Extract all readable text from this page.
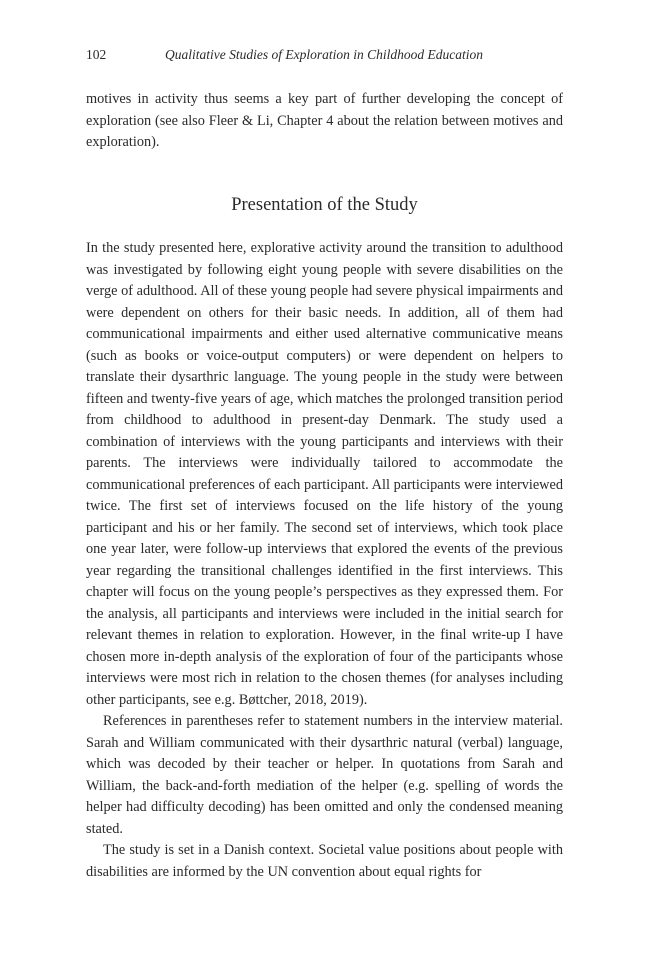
102	Qualitative Studies of Exploration in Childhood Education

motives in activity thus seems a key part of further developing the concept of exploration (see also Fleer & Li, Chapter 4 about the relation between motives and exploration).

Presentation of the Study

In the study presented here, explorative activity around the transition to adulthood was investigated by following eight young people with severe disabilities on the verge of adulthood. All of these young people had severe physical impairments and were dependent on others for their basic needs. In addition, all of them had communicational impairments and either used alternative communicative means (such as books or voice-output computers) or were dependent on helpers to translate their dysarthric language. The young people in the study were between fifteen and twenty-five years of age, which matches the prolonged transition period from childhood to adulthood in present-day Denmark. The study used a combination of interviews with the young participants and interviews with their parents. The interviews were individually tailored to accommodate the communicational preferences of each participant. All participants were interviewed twice. The first set of interviews focused on the life history of the young participant and his or her family. The second set of interviews, which took place one year later, were follow-up interviews that explored the events of the previous year regarding the transitional challenges identified in the first interviews. This chapter will focus on the young people’s perspectives as they expressed them. For the analysis, all participants and interviews were included in the initial search for relevant themes in relation to exploration. However, in the final write-up I have chosen more in-depth analysis of the exploration of four of the participants whose interviews were most rich in relation to the chosen themes (for analyses including other participants, see e.g. Bøttcher, 2018, 2019).

References in parentheses refer to statement numbers in the interview material. Sarah and William communicated with their dysarthric natural (verbal) language, which was decoded by their teacher or helper. In quotations from Sarah and William, the back-and-forth mediation of the helper (e.g. spelling of words the helper had difficulty decoding) has been omitted and only the condensed meaning stated.

The study is set in a Danish context. Societal value positions about people with disabilities are informed by the UN convention about equal rights for
